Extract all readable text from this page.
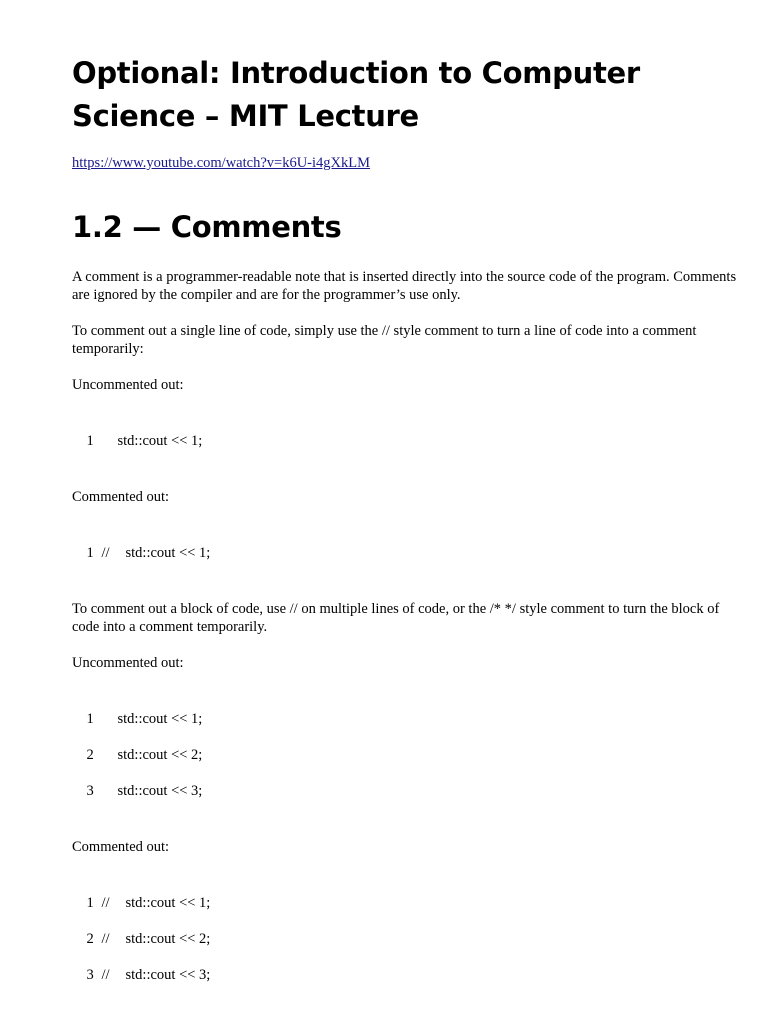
Optional: Introduction to Computer Science – MIT Lecture
https://www.youtube.com/watch?v=k6U-i4gXkLM
1.2 — Comments

A comment is a programmer-readable note that is inserted directly into the source code of the program. Comments are ignored by the compiler and are for the programmer’s use only.

To comment out a single line of code, simply use the // style comment to turn a line of code into a comment temporarily:

Uncommented out:

1 std::cout << 1;

Commented out:

1 // std::cout << 1;

To comment out a block of code, use // on multiple lines of code, or the /* */ style comment to turn the block of code into a comment temporarily.

Uncommented out:

1 std::cout << 1;

2 std::cout << 2;

3 std::cout << 3;

Commented out:

1 // std::cout << 1;

2 // std::cout << 2;

3 // std::cout << 3;
